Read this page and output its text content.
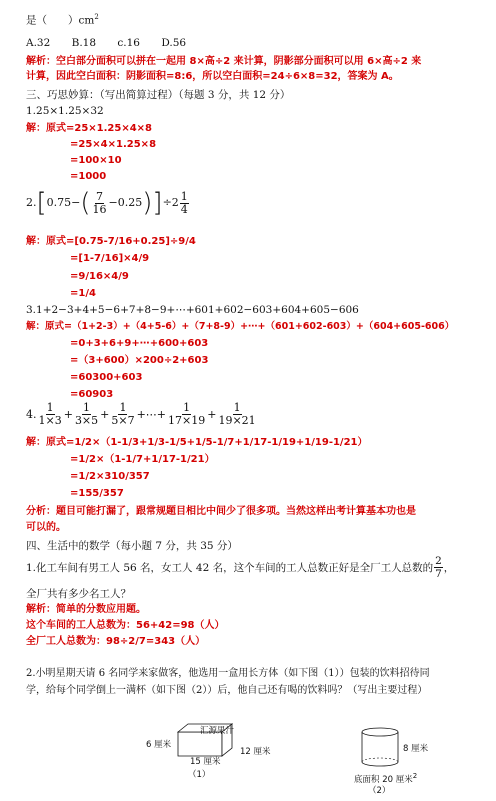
是（　　）$cm^2$
A.32 B.18 c.16 D.56
解析：空白部分面积可以拼在一起用 8×高÷2 来计算，阴影部分面积可以用 6×高÷2 来
计算，因此空白面积：阴影面积=8:6，所以空白面积=24÷6×8=32，答案为 A。
三、巧思妙算：（写出简算过程）（每题 3 分，共 12 分）
1.25×1.25×32
解：原式=25×1.25×4×8
=25×4×1.25×8
=100×10
=1000
2. [ 0.75 − ( 7
16 − 0.25 ) ] ÷2 1
4
解：原式=[0.75-7/16+0.25]÷9/4
=[1-7/16]×4/9
=9/16×4/9
=1/4
3.1+2−3+4+5−6+7+8−9+⋯+601+602−603+604+605−606
解：原式=（1+2-3）+（4+5-6）+（7+8-9）+⋯+（601+602-603）+（604+605-606）
=0+3+6+9+⋯+600+603
=（3+600）×200÷2+603
=60300+603
=60903
4. 1
$1\times 3 + \frac{1}{3\times 5} + \frac{1}{5\times 7}$ +⋯+ $\frac{1}{17\times 19} + \frac{1}{19\times 21}$
解：原式=1/2×（1-1/3+1/3-1/5+1/5-1/7+1/17-1/19+1/19-1/21）
=1/2×（1-1/7+1/17-1/21）
=1/2×310/357
=155/357
分析：题目可能打漏了，跟常规题目相比中间少了很多项。当然这样出考计算基本功也是
可以的。
四、生活中的数学（每小题 7 分，共 35 分）
1.化工车间有男工人 56 名，女工人 42 名，这个车间的工人总数正好是全厂工人总数的
2
7
，
全厂共有多少名工人？
解析：简单的分数应用题。
这个车间的工人总数为：56+42=98（人）
全厂工人总数为：98÷2/7=343（人）
2.小明星期天请 6 名同学来家做客，他选用一盒用长方体（如下图（1））包装的饮料招待同
学，给每个同学倒上一满杯（如下图（2））后，他自己还有喝的饮料吗？（写出主要过程）
汇源果汁
6 厘米
12 厘米
15 厘米
（1）
8 厘米
底面积 20 厘米$^2$
（2）
